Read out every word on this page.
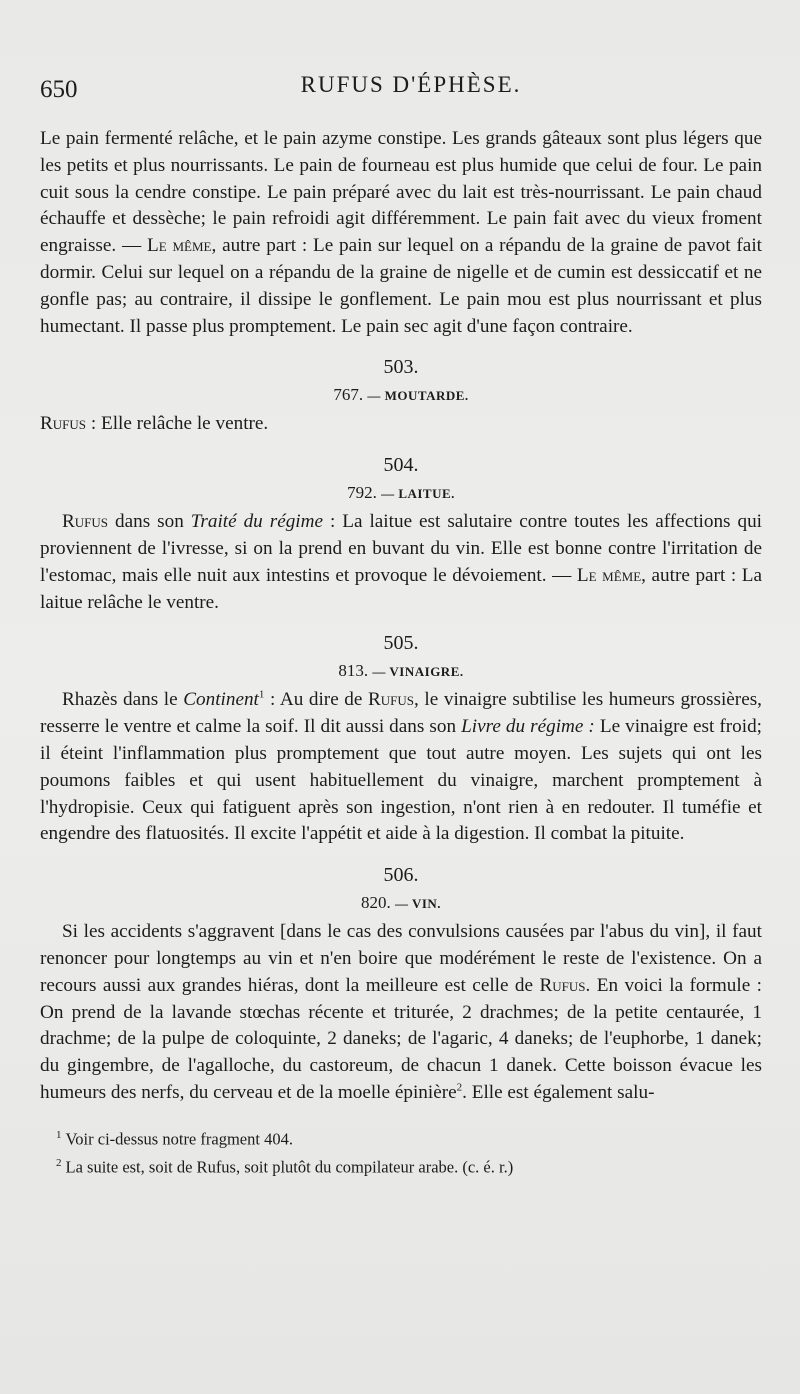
650	RUFUS D'ÉPHÈSE.

Le pain fermenté relâche, et le pain azyme constipe. Les grands gâteaux sont plus légers que les petits et plus nourrissants. Le pain de fourneau est plus humide que celui de four. Le pain cuit sous la cendre constipe. Le pain préparé avec du lait est très-nourrissant. Le pain chaud échauffe et dessèche; le pain refroidi agit différemment. Le pain fait avec du vieux froment engraisse. — Le même, autre part : Le pain sur lequel on a répandu de la graine de pavot fait dormir. Celui sur lequel on a répandu de la graine de nigelle et de cumin est dessiccatif et ne gonfle pas; au contraire, il dissipe le gonflement. Le pain mou est plus nourrissant et plus humectant. Il passe plus promptement. Le pain sec agit d'une façon contraire.

503.
767. — MOUTARDE.

Rufus : Elle relâche le ventre.

504.
792. — LAITUE.

Rufus dans son Traité du régime : La laitue est salutaire contre toutes les affections qui proviennent de l'ivresse, si on la prend en buvant du vin. Elle est bonne contre l'irritation de l'estomac, mais elle nuit aux intestins et provoque le dévoiement. — Le même, autre part : La laitue relâche le ventre.

505.
813. — VINAIGRE.

Rhazès dans le Continent$^1$ : Au dire de Rufus, le vinaigre subtilise les humeurs grossières, resserre le ventre et calme la soif. Il dit aussi dans son Livre du régime : Le vinaigre est froid; il éteint l'inflammation plus promptement que tout autre moyen. Les sujets qui ont les poumons faibles et qui usent habituellement du vinaigre, marchent promptement à l'hydropisie. Ceux qui fatiguent après son ingestion, n'ont rien à en redouter. Il tuméfie et engendre des flatuosités. Il excite l'appétit et aide à la digestion. Il combat la pituite.

506.
820. — VIN.

Si les accidents s'aggravent [dans le cas des convulsions causées par l'abus du vin], il faut renoncer pour longtemps au vin et n'en boire que modérément le reste de l'existence. On a recours aussi aux grandes hiéras, dont la meilleure est celle de Rufus. En voici la formule : On prend de la lavande stœchas récente et triturée, 2 drachmes; de la petite centaurée, 1 drachme; de la pulpe de coloquinte, 2 daneks; de l'agaric, 4 daneks; de l'euphorbe, 1 danek; du gingembre, de l'agalloche, du castoreum, de chacun 1 danek. Cette boisson évacue les humeurs des nerfs, du cerveau et de la moelle épinière$^2$. Elle est également salu-

$^1$ Voir ci-dessus notre fragment 404.
$^2$ La suite est, soit de Rufus, soit plutôt du compilateur arabe. (c. é. r.)
